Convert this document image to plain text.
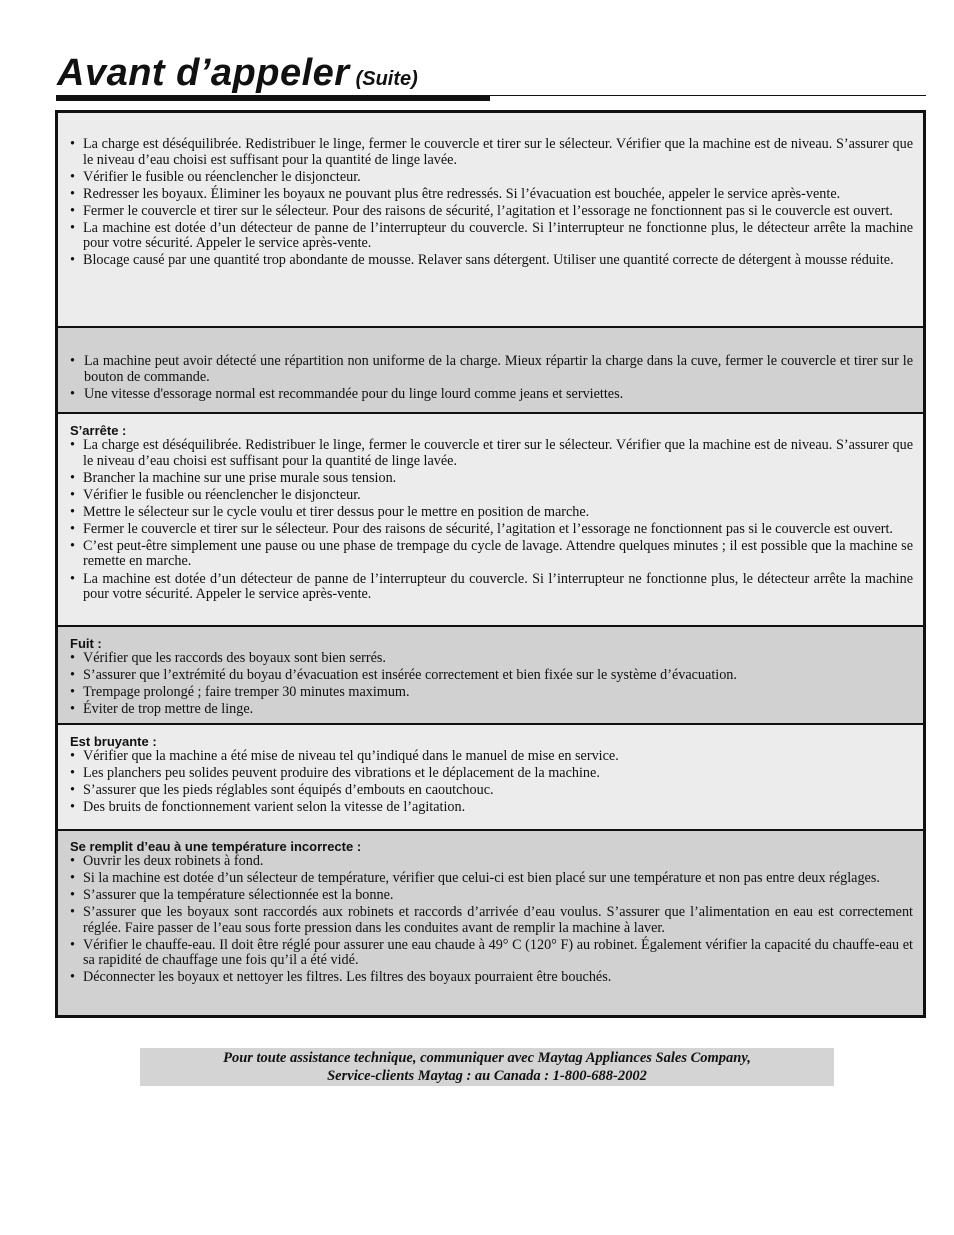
Avant d’appeler (Suite)
• La charge est déséquilibrée. Redistribuer le linge, fermer le couvercle et tirer sur le sélecteur. Vérifier que la machine est de niveau. S’assurer que le niveau d’eau choisi est suffisant pour la quantité de linge lavée.
• Vérifier le fusible ou réenclencher le disjoncteur.
• Redresser les boyaux. Éliminer les boyaux ne pouvant plus être redressés. Si l’évacuation est bouchée, appeler le service après-vente.
• Fermer le couvercle et tirer sur le sélecteur. Pour des raisons de sécurité, l’agitation et l’essorage ne fonctionnent pas si le couvercle est ouvert.
• La machine est dotée d’un détecteur de panne de l’interrupteur du couvercle. Si l’interrupteur ne fonctionne plus, le détecteur arrête la machine pour votre sécurité. Appeler le service après-vente.
• Blocage causé par une quantité trop abondante de mousse. Relaver sans détergent. Utiliser une quantité correcte de détergent à mousse réduite.
• La machine peut avoir détecté une répartition non uniforme de la charge. Mieux répartir la charge dans la cuve, fermer le couvercle et tirer sur le bouton de commande.
• Une vitesse d'essorage normal est recommandée pour du linge lourd comme jeans et serviettes.

S’arrête :

• La charge est déséquilibrée. Redistribuer le linge, fermer le couvercle et tirer sur le sélecteur. Vérifier que la machine est de niveau. S’assurer que le niveau d’eau choisi est suffisant pour la quantité de linge lavée.
• Brancher la machine sur une prise murale sous tension.
• Vérifier le fusible ou réenclencher le disjoncteur.
• Mettre le sélecteur sur le cycle voulu et tirer dessus pour le mettre en position de marche.
• Fermer le couvercle et tirer sur le sélecteur. Pour des raisons de sécurité, l’agitation et l’essorage ne fonctionnent pas si le couvercle est ouvert.
• C’est peut-être simplement une pause ou une phase de trempage du cycle de lavage. Attendre quelques minutes ; il est possible que la machine se remette en marche.
• La machine est dotée d’un détecteur de panne de l’interrupteur du couvercle. Si l’interrupteur ne fonctionne plus, le détecteur arrête la machine pour votre sécurité. Appeler le service après-vente.

Fuit :

• Vérifier que les raccords des boyaux sont bien serrés.
• S’assurer que l’extrémité du boyau d’évacuation est insérée correctement et bien fixée sur le système d’évacuation.
• Trempage prolongé ; faire tremper 30 minutes maximum.
• Éviter de trop mettre de linge.

Est bruyante :

• Vérifier que la machine a été mise de niveau tel qu’indiqué dans le manuel de mise en service.
• Les planchers peu solides peuvent produire des vibrations et le déplacement de la machine.
• S’assurer que les pieds réglables sont équipés d’embouts en caoutchouc.
• Des bruits de fonctionnement varient selon la vitesse de l’agitation.

Se remplit d’eau à une température incorrecte :

• Ouvrir les deux robinets à fond.
• Si la machine est dotée d’un sélecteur de température, vérifier que celui-ci est bien placé sur une température et non pas entre deux réglages.
• S’assurer que la température sélectionnée est la bonne.
• S’assurer que les boyaux sont raccordés aux robinets et raccords d’arrivée d’eau voulus. S’assurer que l’alimentation en eau est correctement réglée. Faire passer de l’eau sous forte pression dans les conduites avant de remplir la machine à laver.
• Vérifier le chauffe-eau. Il doit être réglé pour assurer une eau chaude à 49° C (120° F) au robinet. Également vérifier la capacité du chauffe-eau et sa rapidité de chauffage une fois qu’il a été vidé.
• Déconnecter les boyaux et nettoyer les filtres. Les filtres des boyaux pourraient être bouchés.
Pour toute assistance technique, communiquer avec Maytag Appliances Sales Company,
Service-clients Maytag : au Canada : 1-800-688-2002
